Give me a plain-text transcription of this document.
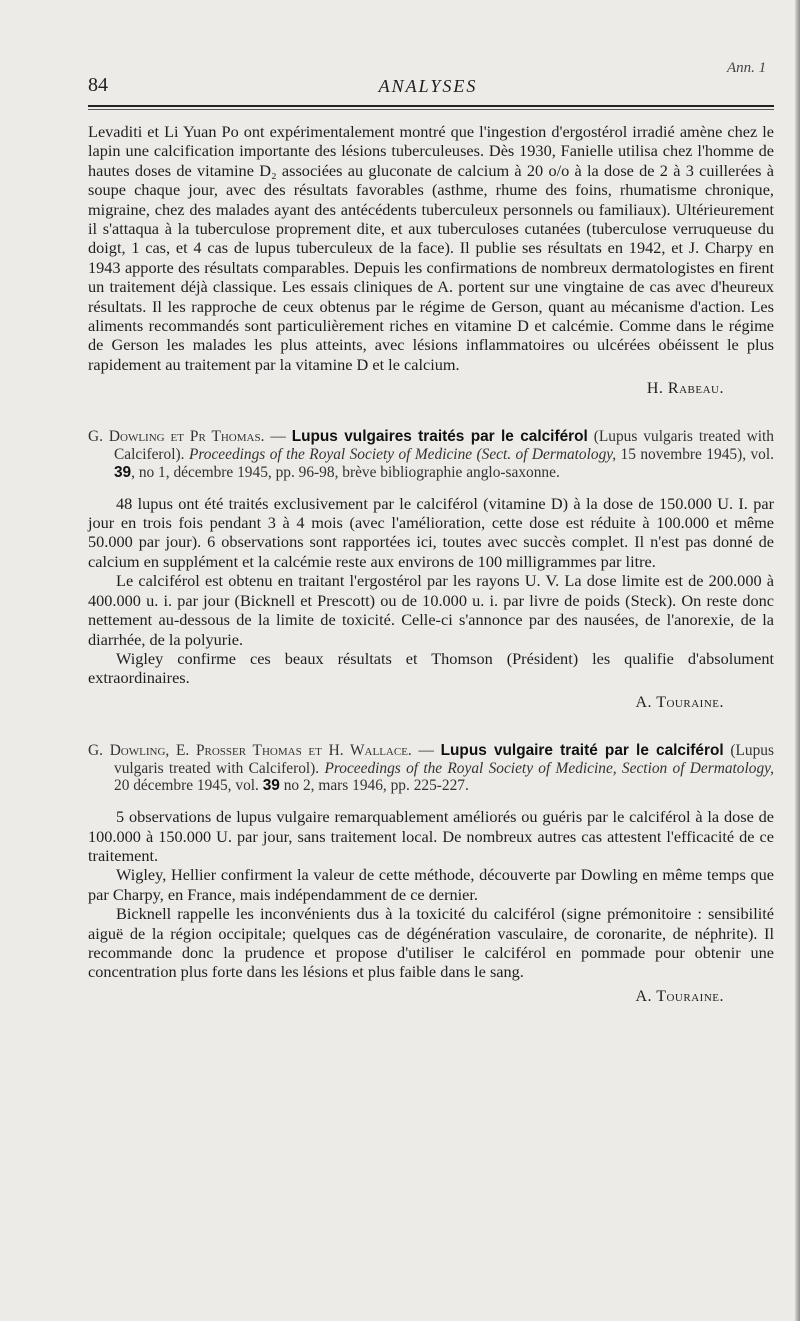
Ann. 1
84	ANALYSES

Levaditi et Li Yuan Po ont expérimentalement montré que l'ingestion d'ergostérol irradié amène chez le lapin une calcification importante des lésions tuberculeuses. Dès 1930, Fanielle utilisa chez l'homme de hautes doses de vitamine D₂ associées au gluconate de calcium à 20 o/o à la dose de 2 à 3 cuillerées à soupe chaque jour, avec des résultats favorables (asthme, rhume des foins, rhumatisme chronique, migraine, chez des malades ayant des antécédents tuberculeux personnels ou familiaux). Ultérieurement il s'attaqua à la tuberculose proprement dite, et aux tuberculoses cutanées (tuberculose verruqueuse du doigt, 1 cas, et 4 cas de lupus tuberculeux de la face). Il publie ses résultats en 1942, et J. Charpy en 1943 apporte des résultats comparables. Depuis les confirmations de nombreux dermatologistes en firent un traitement déjà classique. Les essais cliniques de A. portent sur une vingtaine de cas avec d'heureux résultats. Il les rapproche de ceux obtenus par le régime de Gerson, quant au mécanisme d'action. Les aliments recommandés sont particulièrement riches en vitamine D et calcémie. Comme dans le régime de Gerson les malades les plus atteints, avec lésions inflammatoires ou ulcérées obéissent le plus rapidement au traitement par la vitamine D et le calcium.

H. Rabeau.
G. Dowling et Pr Thomas. — Lupus vulgaires traités par le calciférol (Lupus vulgaris treated with Calciferol). Proceedings of the Royal Society of Medicine (Sect. of Dermatology, 15 novembre 1945), vol. 39, no 1, décembre 1945, pp. 96-98, brève bibliographie anglo-saxonne.

48 lupus ont été traités exclusivement par le calciférol (vitamine D) à la dose de 150.000 U. I. par jour en trois fois pendant 3 à 4 mois (avec l'amélioration, cette dose est réduite à 100.000 et même 50.000 par jour). 6 observations sont rapportées ici, toutes avec succès complet. Il n'est pas donné de calcium en supplément et la calcémie reste aux environs de 100 milligrammes par litre.

Le calciférol est obtenu en traitant l'ergostérol par les rayons U. V. La dose limite est de 200.000 à 400.000 u. i. par jour (Bicknell et Prescott) ou de 10.000 u. i. par livre de poids (Steck). On reste donc nettement au-dessous de la limite de toxicité. Celle-ci s'annonce par des nausées, de l'anorexie, de la diarrhée, de la polyurie.

Wigley confirme ces beaux résultats et Thomson (Président) les qualifie d'absolument extraordinaires.

A. Touraine.
G. Dowling, E. Prosser Thomas et H. Wallace. — Lupus vulgaire traité par le calciférol (Lupus vulgaris treated with Calciferol). Proceedings of the Royal Society of Medicine, Section of Dermatology, 20 décembre 1945, vol. 39 no 2, mars 1946, pp. 225-227.

5 observations de lupus vulgaire remarquablement améliorés ou guéris par le calciférol à la dose de 100.000 à 150.000 U. par jour, sans traitement local. De nombreux autres cas attestent l'efficacité de ce traitement.

Wigley, Hellier confirment la valeur de cette méthode, découverte par Dowling en même temps que par Charpy, en France, mais indépendamment de ce dernier.

Bicknell rappelle les inconvénients dus à la toxicité du calciférol (signe prémonitoire : sensibilité aiguë de la région occipitale; quelques cas de dégénération vasculaire, de coronarite, de néphrite). Il recommande donc la prudence et propose d'utiliser le calciférol en pommade pour obtenir une concentration plus forte dans les lésions et plus faible dans le sang.

A. Touraine.
